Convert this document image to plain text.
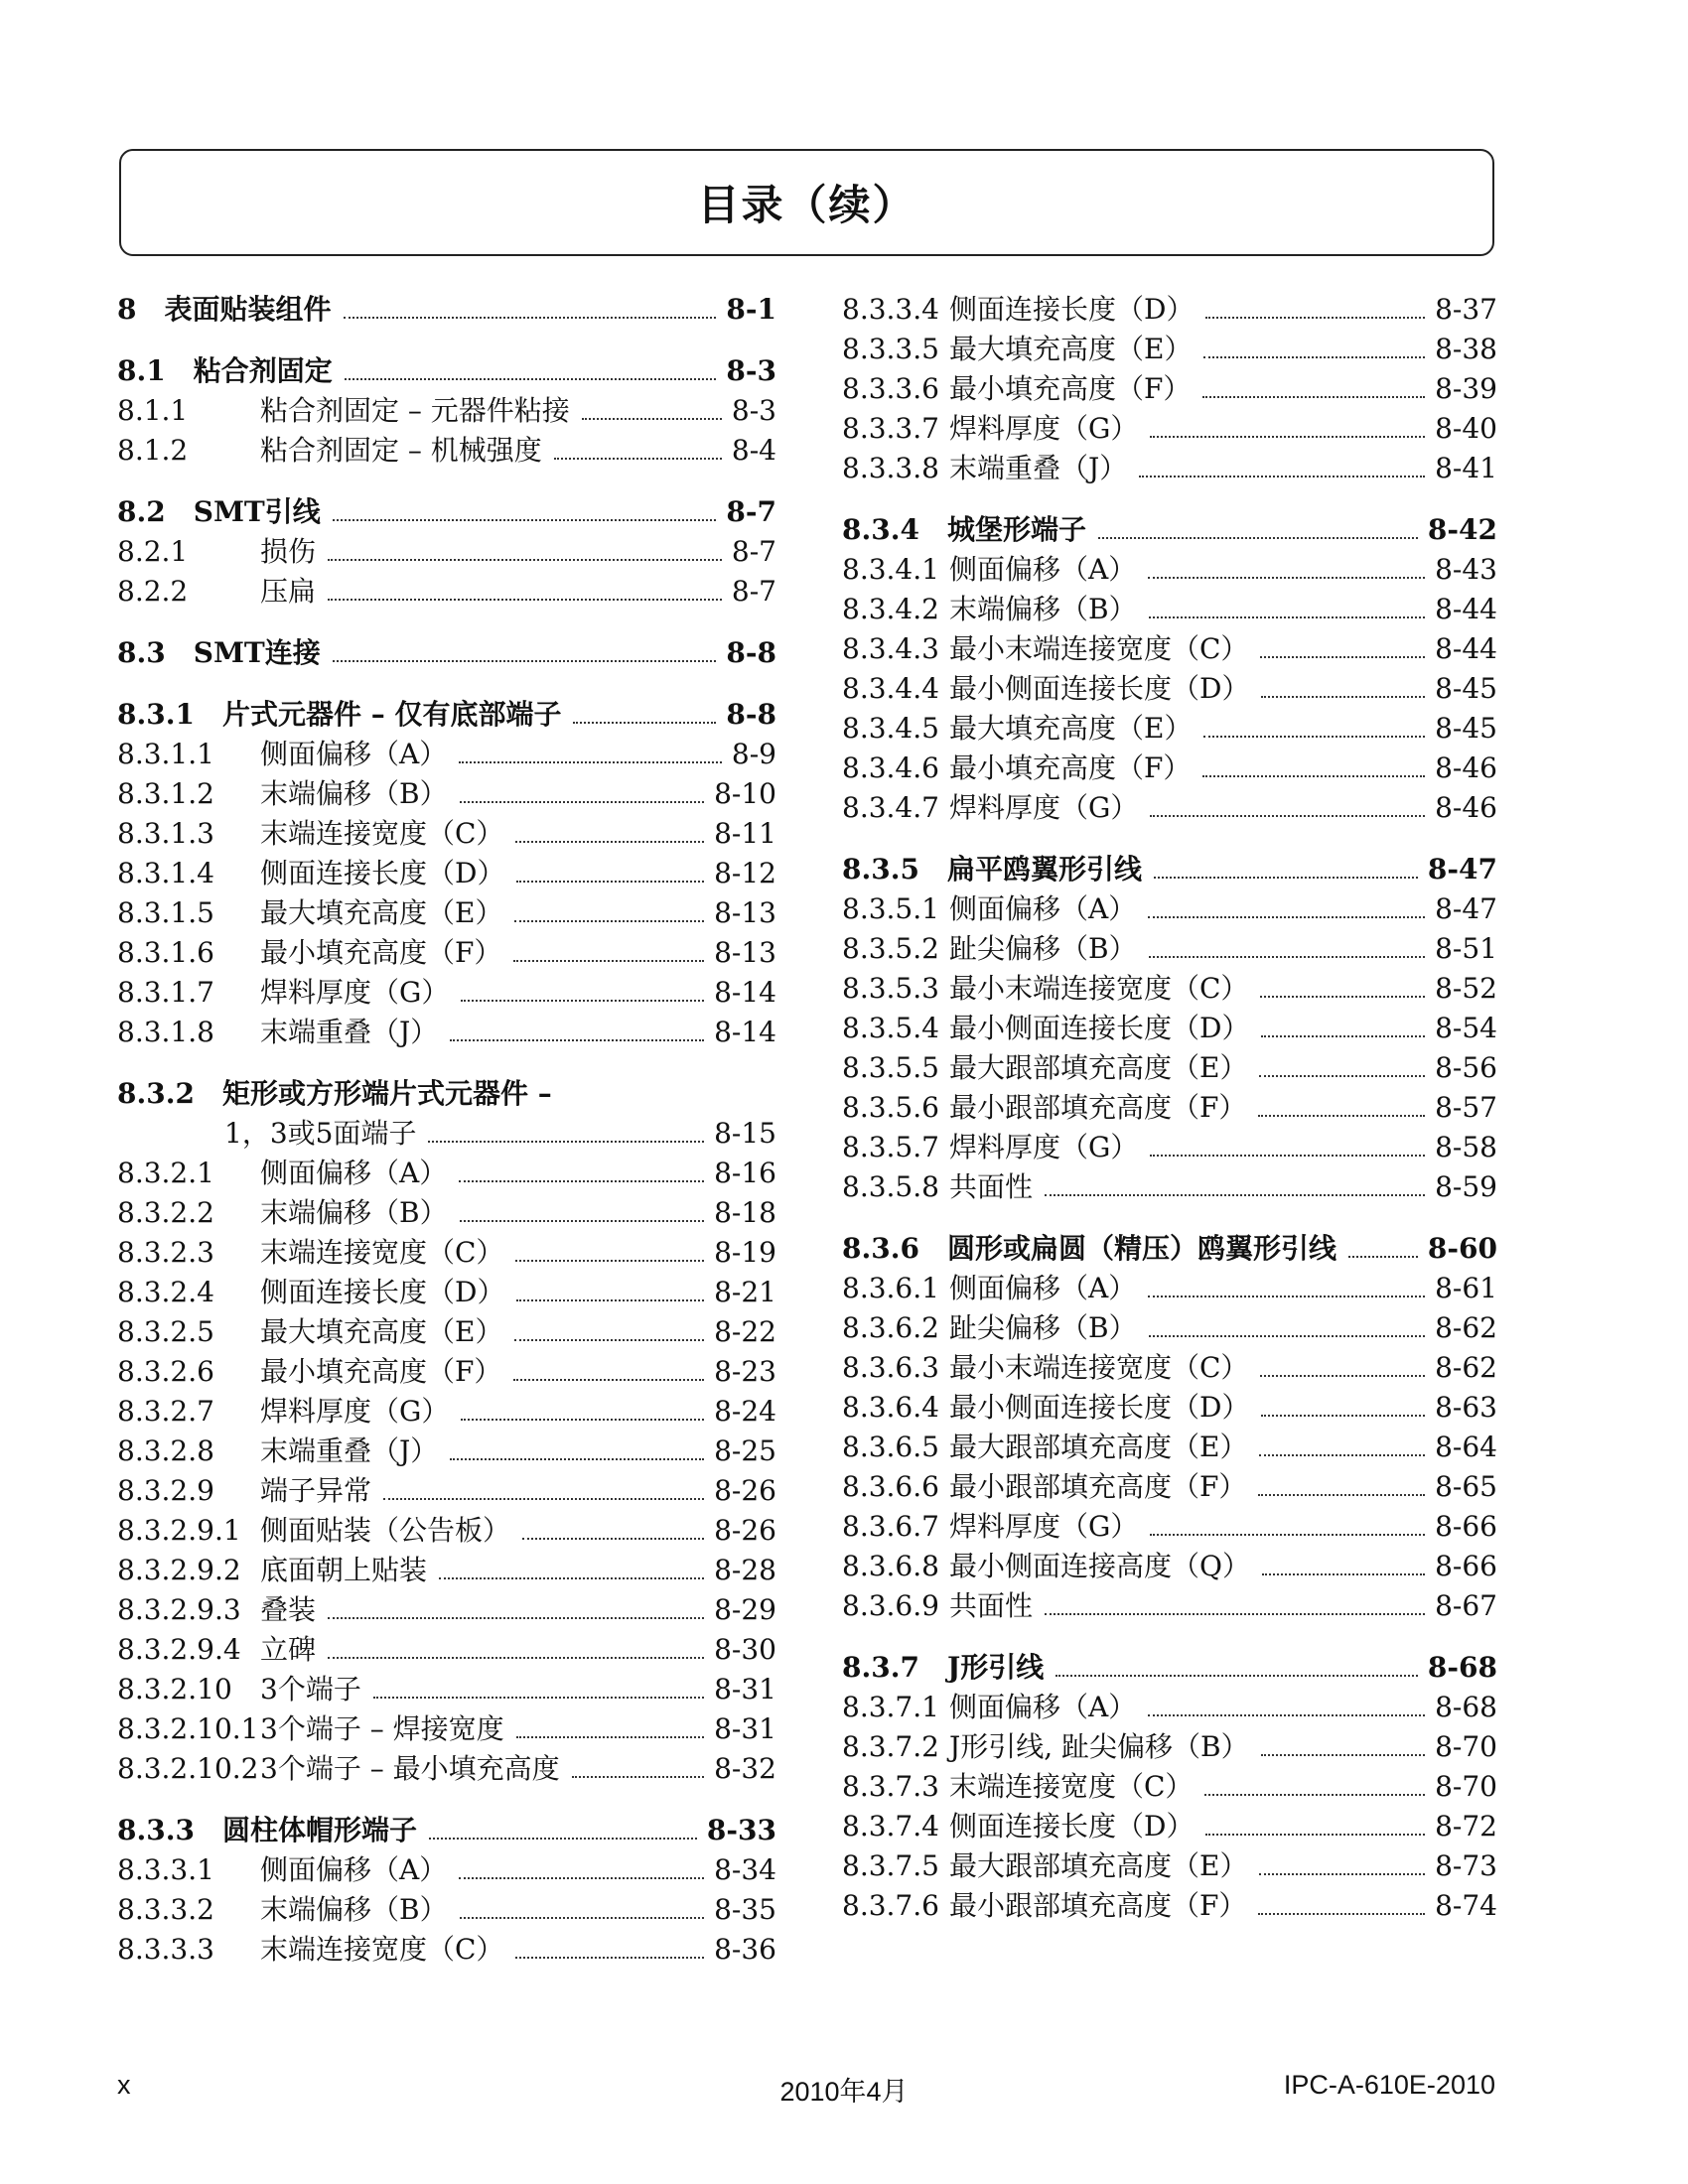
目录（续）
8	表面贴装组件	8-1
8.1	粘合剂固定	8-3
8.1.1	粘合剂固定 – 元器件粘接	8-3
8.1.2	粘合剂固定 – 机械强度	8-4
8.2	SMT引线	8-7
8.2.1	损伤	8-7
8.2.2	压扁	8-7
8.3	SMT连接	8-8
8.3.1	片式元器件 – 仅有底部端子	8-8
8.3.1.1	侧面偏移（A）	8-9
8.3.1.2	末端偏移（B）	8-10
8.3.1.3	末端连接宽度（C）	8-11
8.3.1.4	侧面连接长度（D）	8-12
8.3.1.5	最大填充高度（E）	8-13
8.3.1.6	最小填充高度（F）	8-13
8.3.1.7	焊料厚度（G）	8-14
8.3.1.8	末端重叠（J）	8-14
8.3.2	矩形或方形端片式元器件 –
1，3或5面端子	8-15
8.3.2.1	侧面偏移（A）	8-16
8.3.2.2	末端偏移（B）	8-18
8.3.2.3	末端连接宽度（C）	8-19
8.3.2.4	侧面连接长度（D）	8-21
8.3.2.5	最大填充高度（E）	8-22
8.3.2.6	最小填充高度（F）	8-23
8.3.2.7	焊料厚度（G）	8-24
8.3.2.8	末端重叠（J）	8-25
8.3.2.9	端子异常	8-26
8.3.2.9.1 侧面贴装（公告板）	8-26
8.3.2.9.2 底面朝上贴装	8-28
8.3.2.9.3 叠装	8-29
8.3.2.9.4 立碑	8-30
8.3.2.10	3个端子	8-31
8.3.2.10.1 3个端子 – 焊接宽度	8-31
8.3.2.10.2 3个端子 – 最小填充高度	8-32
8.3.3	圆柱体帽形端子	8-33
8.3.3.1	侧面偏移（A）	8-34
8.3.3.2	末端偏移（B）	8-35
8.3.3.3	末端连接宽度（C）	8-36
8.3.3.4 侧面连接长度（D）	8-37
8.3.3.5 最大填充高度（E）	8-38
8.3.3.6 最小填充高度（F）	8-39
8.3.3.7 焊料厚度（G）	8-40
8.3.3.8 末端重叠（J）	8-41
8.3.4	城堡形端子	8-42
8.3.4.1 侧面偏移（A）	8-43
8.3.4.2 末端偏移（B）	8-44
8.3.4.3 最小末端连接宽度（C）	8-44
8.3.4.4 最小侧面连接长度（D）	8-45
8.3.4.5 最大填充高度（E）	8-45
8.3.4.6 最小填充高度（F）	8-46
8.3.4.7 焊料厚度（G）	8-46
8.3.5	扁平鸥翼形引线	8-47
8.3.5.1 侧面偏移（A）	8-47
8.3.5.2 趾尖偏移（B）	8-51
8.3.5.3 最小末端连接宽度（C）	8-52
8.3.5.4 最小侧面连接长度（D）	8-54
8.3.5.5 最大跟部填充高度（E）	8-56
8.3.5.6 最小跟部填充高度（F）	8-57
8.3.5.7 焊料厚度（G）	8-58
8.3.5.8 共面性	8-59
8.3.6	圆形或扁圆（精压）鸥翼形引线	8-60
8.3.6.1 侧面偏移（A）	8-61
8.3.6.2 趾尖偏移（B）	8-62
8.3.6.3 最小末端连接宽度（C）	8-62
8.3.6.4 最小侧面连接长度（D）	8-63
8.3.6.5 最大跟部填充高度（E）	8-64
8.3.6.6 最小跟部填充高度（F）	8-65
8.3.6.7 焊料厚度（G）	8-66
8.3.6.8 最小侧面连接高度（Q）	8-66
8.3.6.9 共面性	8-67
8.3.7	J形引线	8-68
8.3.7.1 侧面偏移（A）	8-68
8.3.7.2 J形引线, 趾尖偏移（B）	8-70
8.3.7.3 末端连接宽度（C）	8-70
8.3.7.4 侧面连接长度（D）	8-72
8.3.7.5 最大跟部填充高度（E）	8-73
8.3.7.6 最小跟部填充高度（F）	8-74
x	2010年4月	IPC-A-610E-2010
